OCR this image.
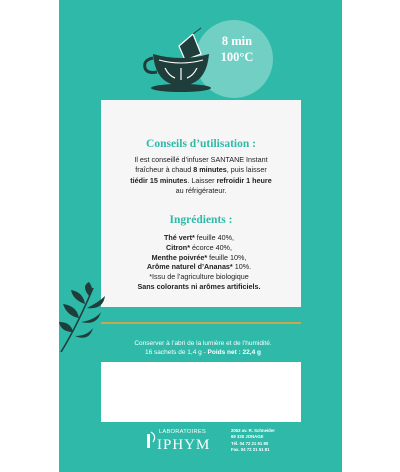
8 min
100°C
Conseils d’utilisation :
Ingrédients :
Il est conseillé d’infuser SANTANE Instant
fraîcheur à chaud 8 minutes, puis laisser
tiédir 15 minutes. Laisser refroidir 1 heure
au réfrigérateur.
Thé vert* feuille 40%,
Citron* écorce 40%,
Menthe poivrée* feuille 10%,
Arôme naturel d’Ananas* 10%.
*Issu de l’agriculture biologique
Sans colorants ni arômes artificiels.
Conserver à l’abri de la lumière et de l’humidité.
16 sachets de 1,4 g - Poids net : 22,4 g
LABORATOIRES
IPHYM
2053 av. R. Schneider
69 330 JONAGE
Tél. 04 72 21 51 80
Fax. 04 72 21 51 81
